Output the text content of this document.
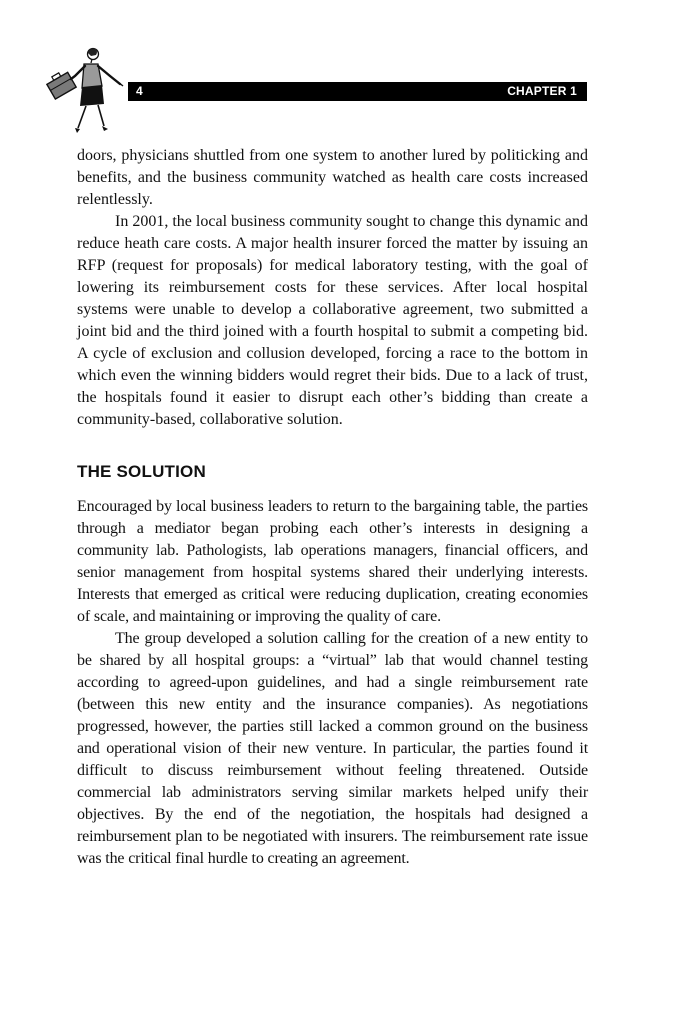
4	CHAPTER 1

doors, physicians shuttled from one system to another lured by politicking and benefits, and the business community watched as health care costs increased relentlessly.

In 2001, the local business community sought to change this dynamic and reduce heath care costs. A major health insurer forced the matter by issuing an RFP (request for proposals) for medical laboratory testing, with the goal of lowering its reimbursement costs for these services. After local hospital systems were unable to develop a collaborative agreement, two submitted a joint bid and the third joined with a fourth hospital to submit a competing bid. A cycle of exclusion and collusion developed, forcing a race to the bottom in which even the winning bidders would regret their bids. Due to a lack of trust, the hospitals found it easier to disrupt each other’s bidding than create a community-based, collaborative solution.

THE SOLUTION

Encouraged by local business leaders to return to the bargaining table, the parties through a mediator began probing each other’s interests in designing a community lab. Pathologists, lab operations managers, financial officers, and senior management from hospital systems shared their underlying interests. Interests that emerged as critical were reducing duplication, creating economies of scale, and maintaining or improving the quality of care.

The group developed a solution calling for the creation of a new entity to be shared by all hospital groups: a “virtual” lab that would channel testing according to agreed-upon guidelines, and had a single reimbursement rate (between this new entity and the insurance companies). As negotiations progressed, however, the parties still lacked a common ground on the business and operational vision of their new venture. In particular, the parties found it difficult to discuss reimbursement without feeling threatened. Outside commercial lab administrators serving similar markets helped unify their objectives. By the end of the negotiation, the hospitals had designed a reimbursement plan to be negotiated with insurers. The reimbursement rate issue was the critical final hurdle to creating an agreement.
